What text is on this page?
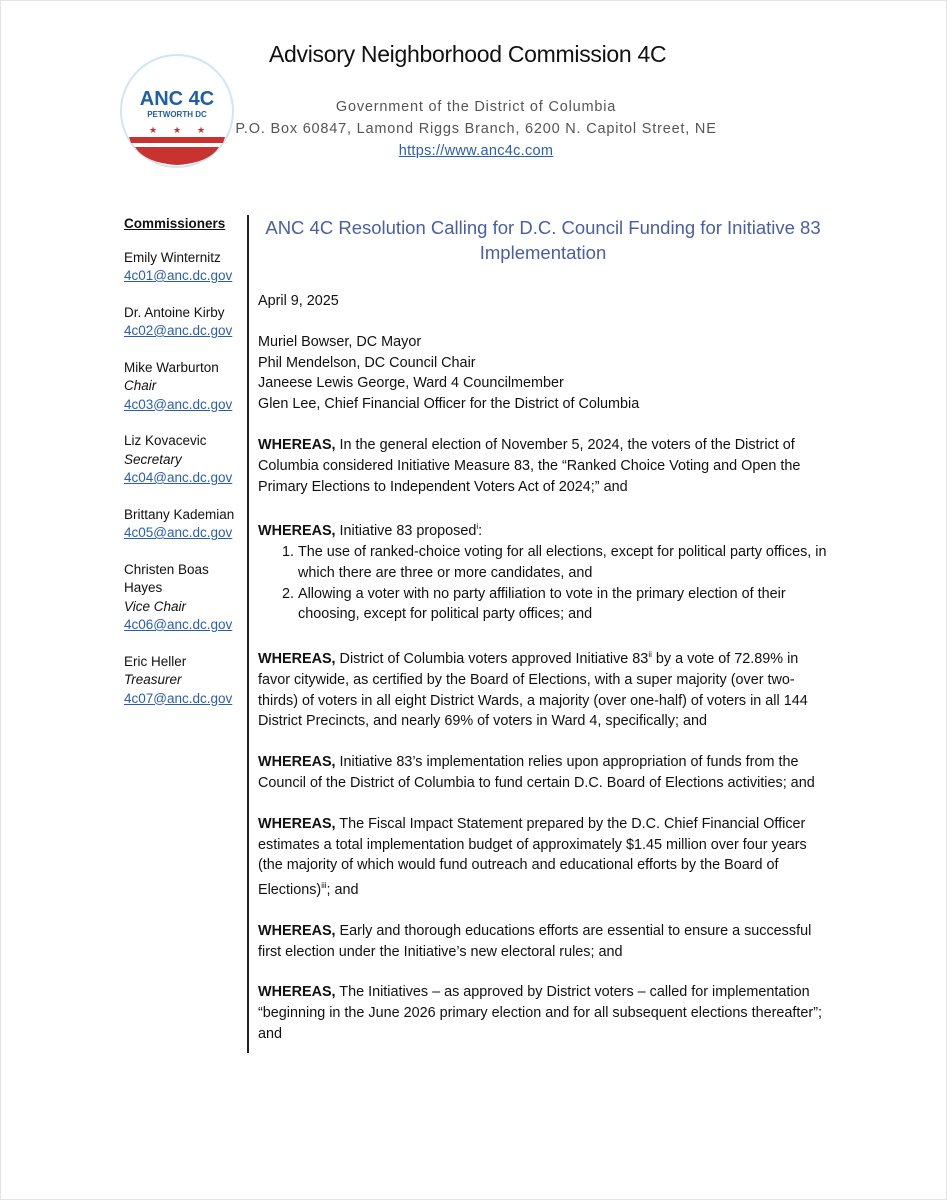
ANC 4C
PETWORTH DC
★ ★ ★
Advisory Neighborhood Commission 4C
Government of the District of Columbia
P.O. Box 60847, Lamond Riggs Branch, 6200 N. Capitol Street, NE
https://www.anc4c.com
Commissioners
Emily Winternitz
4c01@anc.dc.gov
Dr. Antoine Kirby
4c02@anc.dc.gov
Mike Warburton
Chair
4c03@anc.dc.gov
Liz Kovacevic
Secretary
4c04@anc.dc.gov
Brittany Kademian
4c05@anc.dc.gov
Christen Boas Hayes
Vice Chair
4c06@anc.dc.gov
Eric Heller
Treasurer
4c07@anc.dc.gov
ANC 4C Resolution Calling for D.C. Council Funding for Initiative 83 Implementation

April 9, 2025

Muriel Bowser, DC Mayor
Phil Mendelson, DC Council Chair
Janeese Lewis George, Ward 4 Councilmember
Glen Lee, Chief Financial Officer for the District of Columbia

WHEREAS, In the general election of November 5, 2024, the voters of the District of Columbia considered Initiative Measure 83, the “Ranked Choice Voting and Open the Primary Elections to Independent Voters Act of 2024;” and

WHEREAS, Initiative 83 proposed$^i$:

1. The use of ranked-choice voting for all elections, except for political party offices, in which there are three or more candidates, and
2. Allowing a voter with no party affiliation to vote in the primary election of their choosing, except for political party offices; and

WHEREAS, District of Columbia voters approved Initiative 83$^{ii}$ by a vote of 72.89% in favor citywide, as certified by the Board of Elections, with a super majority (over two-thirds) of voters in all eight District Wards, a majority (over one-half) of voters in all 144 District Precincts, and nearly 69% of voters in Ward 4, specifically; and

WHEREAS, Initiative 83’s implementation relies upon appropriation of funds from the Council of the District of Columbia to fund certain D.C. Board of Elections activities; and

WHEREAS, The Fiscal Impact Statement prepared by the D.C. Chief Financial Officer estimates a total implementation budget of approximately $1.45 million over four years (the majority of which would fund outreach and educational efforts by the Board of Elections)$^{iii}$; and

WHEREAS, Early and thorough educations efforts are essential to ensure a successful first election under the Initiative’s new electoral rules; and

WHEREAS, The Initiatives – as approved by District voters – called for implementation “beginning in the June 2026 primary election and for all subsequent elections thereafter”; and
